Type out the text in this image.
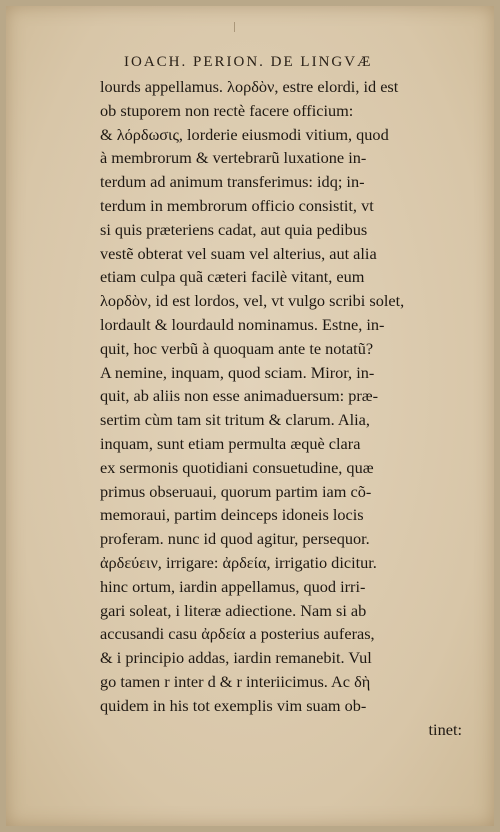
IOACH. PERION. DE LINGVÆ
lourds appellamus. λορδὸν, estre elordi, id est
ob stuporem non rectè facere officium:
& λόρδωσις, lorderie eiusmodi vitium, quod
à membrorum & vertebrarũ luxatione in-
terdum ad animum transferimus: idq; in-
terdum in membrorum officio consistit, vt
si quis præteriens cadat, aut quia pedibus
vestẽ obterat vel suam vel alterius, aut alia
etiam culpa quã cæteri facilè vitant, eum
λορδὸν, id est lordos, vel, vt vulgo scribi solet,
lordault & lourdauld nominamus. Estne, in-
quit, hoc verbũ à quoquam ante te notatũ?
A nemine, inquam, quod sciam. Miror, in-
quit, ab aliis non esse animaduersum: præ-
sertim cùm tam sit tritum & clarum. Alia,
inquam, sunt etiam permulta æquè clara
ex sermonis quotidiani consuetudine, quæ
primus obseruaui, quorum partim iam cõ-
memoraui, partim deinceps idoneis locis
proferam. nunc id quod agitur, persequor.
ἀρδεύειν, irrigare: ἀρδεία, irrigatio dicitur.
hinc ortum, iardin appellamus, quod irri-
gari soleat, i literæ adiectione. Nam si ab
accusandi casu ἀρδεία a posterius auferas,
& i principio addas, iardin remanebit. Vul
go tamen r inter d & r interiicimus. Ac δὴ
quidem in his tot exemplis vim suam ob-
tinet:
